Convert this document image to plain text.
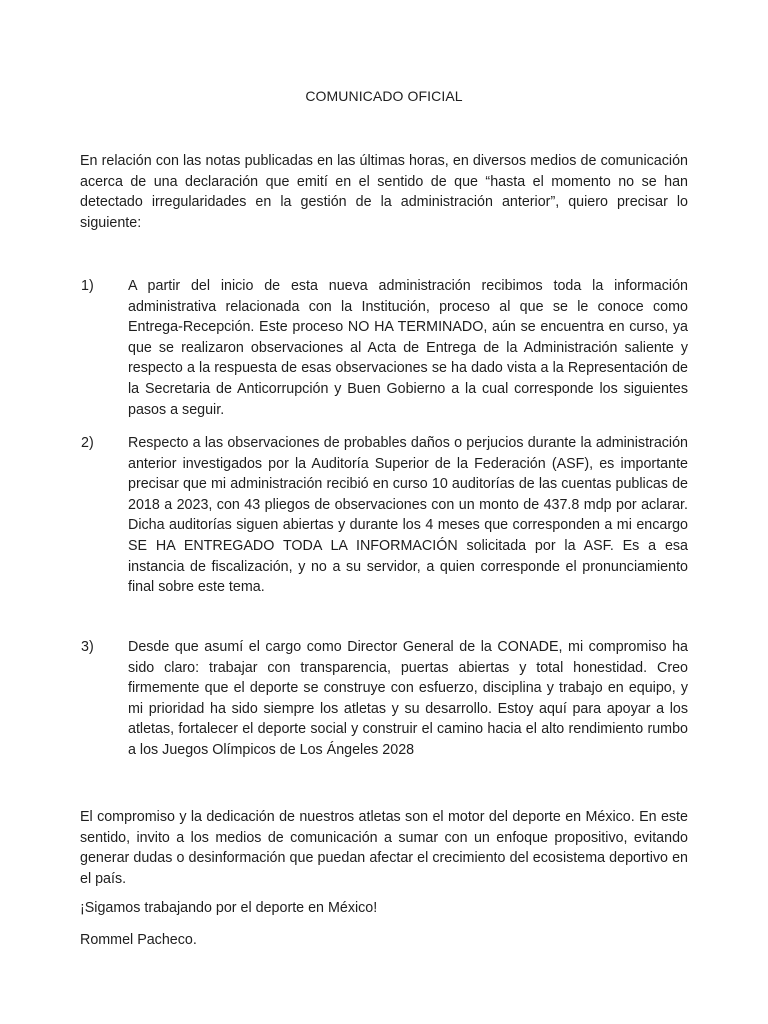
COMUNICADO OFICIAL

En relación con las notas publicadas en las últimas horas, en diversos medios de comunicación acerca de una declaración que emití en el sentido de que “hasta el momento no se han detectado irregularidades en la gestión de la administración anterior”, quiero precisar lo siguiente:

1) A partir del inicio de esta nueva administración recibimos toda la información administrativa relacionada con la Institución, proceso al que se le conoce como Entrega-Recepción. Este proceso NO HA TERMINADO, aún se encuentra en curso, ya que se realizaron observaciones al Acta de Entrega de la Administración saliente y respecto a la respuesta de esas observaciones se ha dado vista a la Representación de la Secretaria de Anticorrupción y Buen Gobierno a la cual corresponde los siguientes pasos a seguir.

2) Respecto a las observaciones de probables daños o perjucios durante la administración anterior investigados por la Auditoría Superior de la Federación (ASF), es importante precisar que mi administración recibió en curso 10 auditorías de las cuentas publicas de 2018 a 2023, con 43 pliegos de observaciones con un monto de 437.8 mdp por aclarar. Dicha auditorías siguen abiertas y durante los 4 meses que corresponden a mi encargo SE HA ENTREGADO TODA LA INFORMACIÓN solicitada por la ASF. Es a esa instancia de fiscalización, y no a su servidor, a quien corresponde el pronunciamiento final sobre este tema.

3) Desde que asumí el cargo como Director General de la CONADE, mi compromiso ha sido claro: trabajar con transparencia, puertas abiertas y total honestidad. Creo firmemente que el deporte se construye con esfuerzo, disciplina y trabajo en equipo, y mi prioridad ha sido siempre los atletas y su desarrollo. Estoy aquí para apoyar a los atletas, fortalecer el deporte social y construir el camino hacia el alto rendimiento rumbo a los Juegos Olímpicos de Los Ángeles 2028

El compromiso y la dedicación de nuestros atletas son el motor del deporte en México. En este sentido, invito a los medios de comunicación a sumar con un enfoque propositivo, evitando generar dudas o desinformación que puedan afectar el crecimiento del ecosistema deportivo en el país.

¡Sigamos trabajando por el deporte en México!

Rommel Pacheco.
